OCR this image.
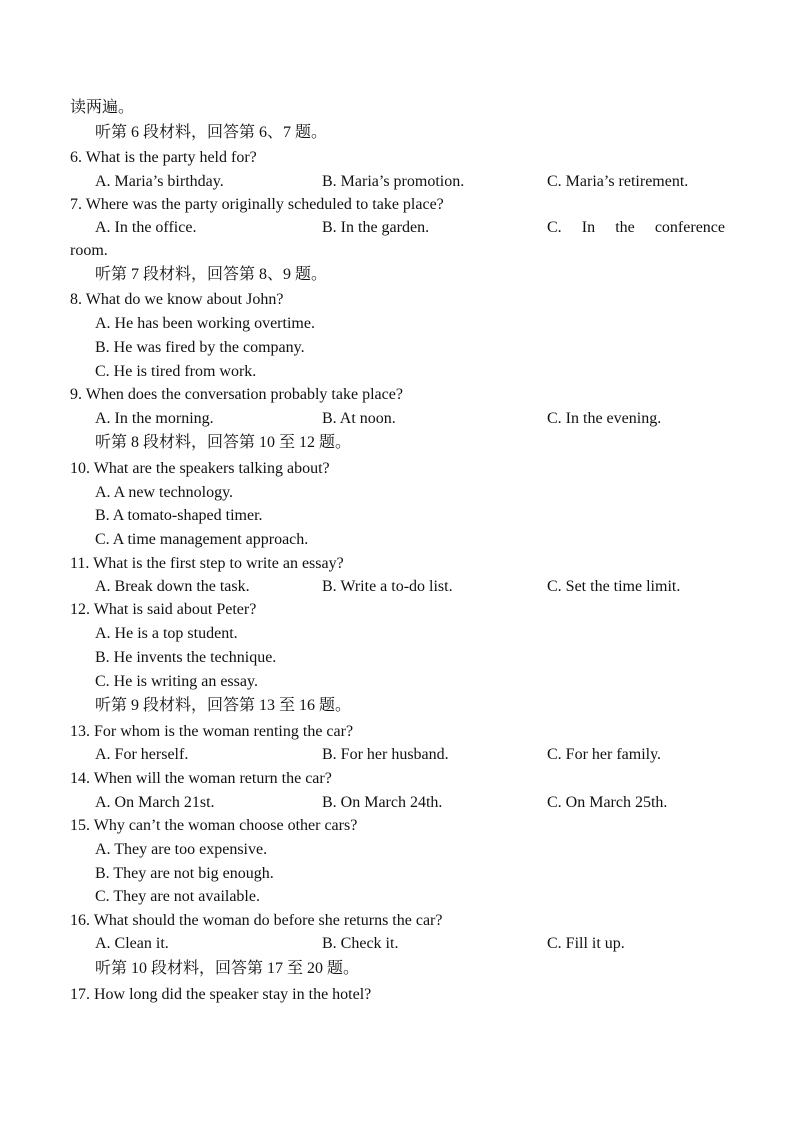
读两遍。
听第 6 段材料，回答第 6、7 题。
6. What is the party held for?
A. Maria’s birthday.	B. Maria’s promotion.	C. Maria’s retirement.
7. Where was the party originally scheduled to take place?
A. In the office.	B. In the garden.	C. In the conference
room.
听第 7 段材料，回答第 8、9 题。
8. What do we know about John?
A. He has been working overtime.
B. He was fired by the company.
C. He is tired from work.
9. When does the conversation probably take place?
A. In the morning.	B. At noon.	C. In the evening.
听第 8 段材料，回答第 10 至 12 题。
10. What are the speakers talking about?
A. A new technology.
B. A tomato-shaped timer.
C. A time management approach.
11. What is the first step to write an essay?
A. Break down the task.	B. Write a to-do list.	C. Set the time limit.
12. What is said about Peter?
A. He is a top student.
B. He invents the technique.
C. He is writing an essay.
听第 9 段材料，回答第 13 至 16 题。
13. For whom is the woman renting the car?
A. For herself.	B. For her husband.	C. For her family.
14. When will the woman return the car?
A. On March 21st.	B. On March 24th.	C. On March 25th.
15. Why can’t the woman choose other cars?
A. They are too expensive.
B. They are not big enough.
C. They are not available.
16. What should the woman do before she returns the car?
A. Clean it.	B. Check it.	C. Fill it up.
听第 10 段材料，回答第 17 至 20 题。
17. How long did the speaker stay in the hotel?
